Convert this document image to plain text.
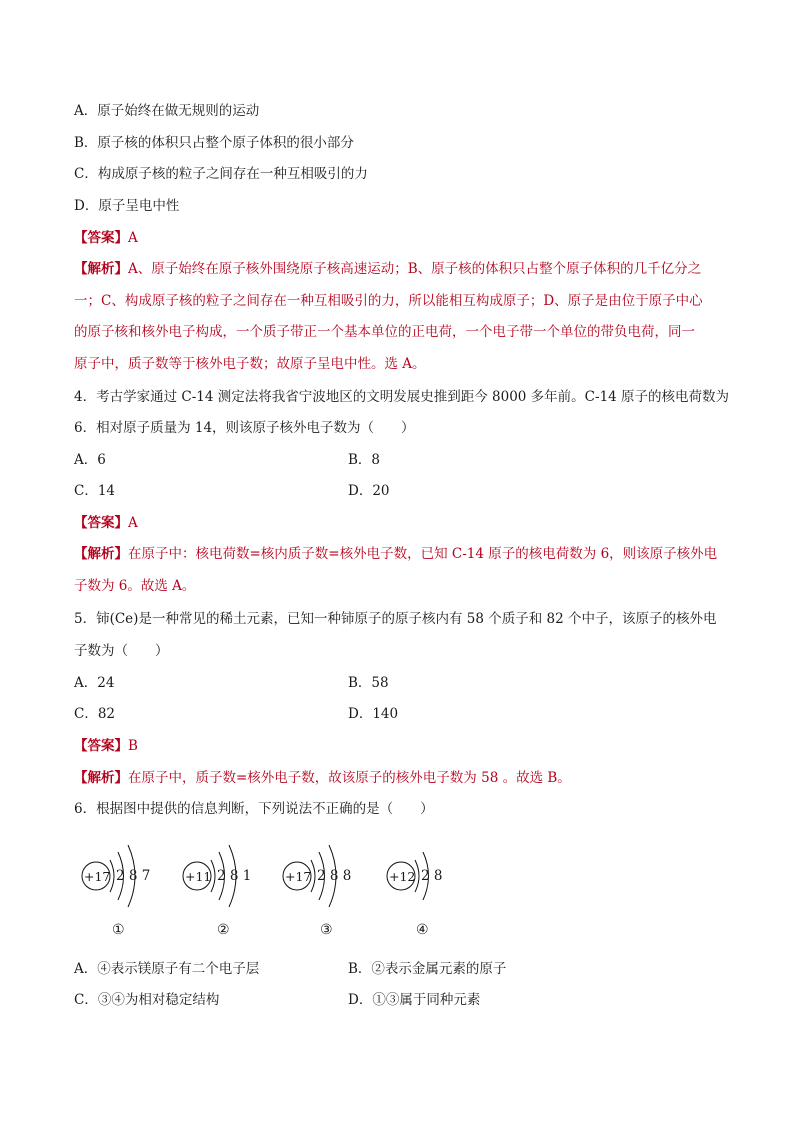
A．原子始终在做无规则的运动
B．原子核的体积只占整个原子体积的很小部分
C．构成原子核的粒子之间存在一种互相吸引的力
D．原子呈电中性
【答案】A
【解析】A、原子始终在原子核外围绕原子核高速运动；B、原子核的体积只占整个原子体积的几千亿分之
一；C、构成原子核的粒子之间存在一种互相吸引的力，所以能相互构成原子；D、原子是由位于原子中心
的原子核和核外电子构成，一个质子带正一个基本单位的正电荷，一个电子带一个单位的带负电荷，同一
原子中，质子数等于核外电子数；故原子呈电中性。选 A。
4．考古学家通过 C-14 测定法将我省宁波地区的文明发展史推到距今 8000 多年前。C-14 原子的核电荷数为
6．相对原子质量为 14，则该原子核外电子数为（　　）
A．6	B．8
C．14	D．20
【答案】A
【解析】在原子中：核电荷数=核内质子数=核外电子数，已知 C-14 原子的核电荷数为 6，则该原子核外电
子数为 6。故选 A。
5．铈(Ce)是一种常见的稀土元素，已知一种铈原子的原子核内有 58 个质子和 82 个中子，该原子的核外电
子数为（　　）
A．24	B．58
C．82	D．140
【答案】B
【解析】在原子中，质子数=核外电子数，故该原子的核外电子数为 58 。故选 B。
6．根据图中提供的信息判断，下列说法不正确的是（　　）
+17 2 8 7
①
+11 2 8 1
②
+17 2 8 8
③
+12 2 8
④
A．④表示镁原子有二个电子层	B．②表示金属元素的原子
C．③④为相对稳定结构	D．①③属于同种元素
